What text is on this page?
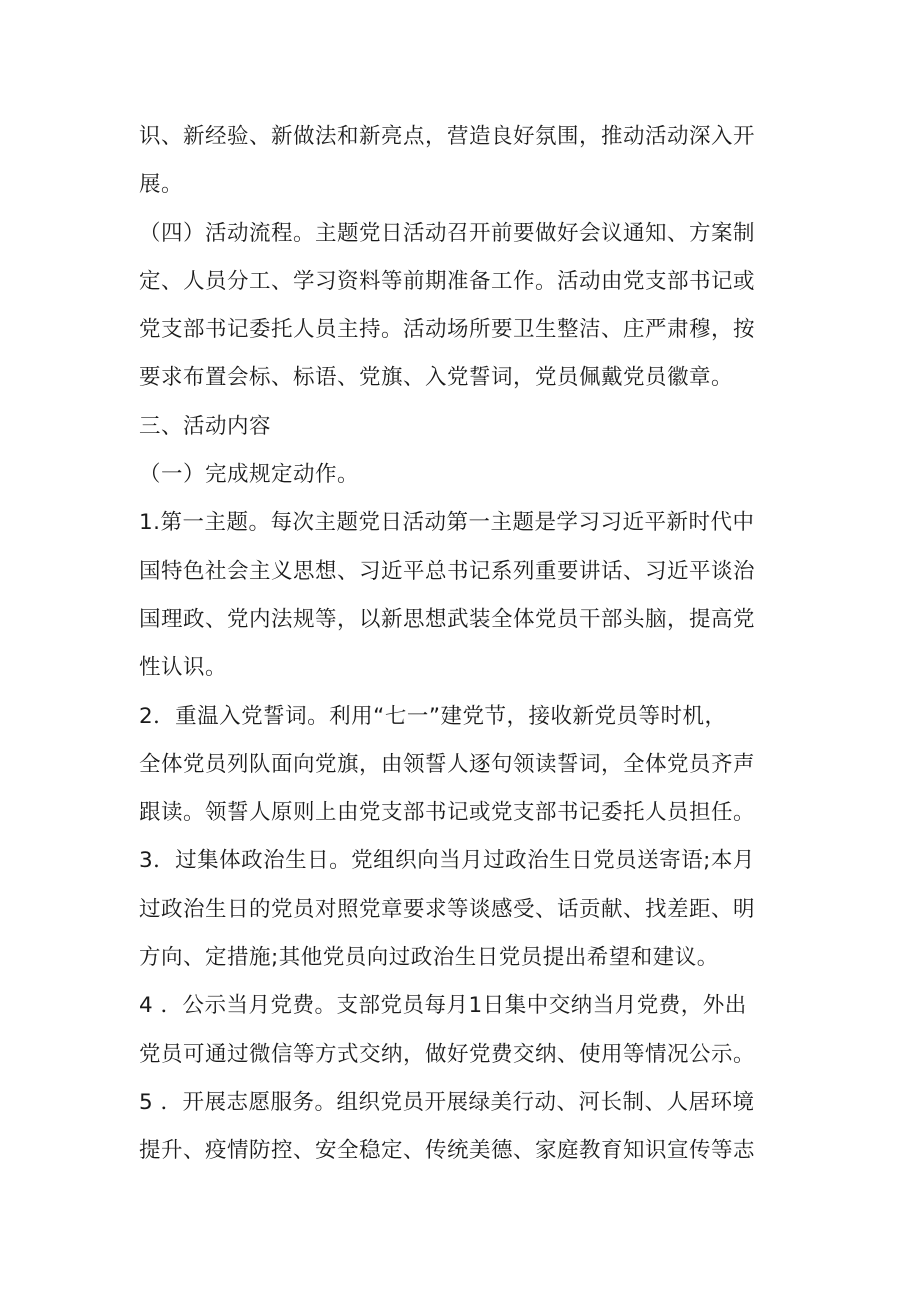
识、新经验、新做法和新亮点，营造良好氛围，推动活动深入开
展。
（四）活动流程。主题党日活动召开前要做好会议通知、方案制
定、人员分工、学习资料等前期准备工作。活动由党支部书记或
党支部书记委托人员主持。活动场所要卫生整洁、庄严肃穆，按
要求布置会标、标语、党旗、入党誓词，党员佩戴党员徽章。
三、活动内容
（一）完成规定动作。
1.第一主题。每次主题党日活动第一主题是学习习近平新时代中
国特色社会主义思想、习近平总书记系列重要讲话、习近平谈治
国理政、党内法规等，以新思想武装全体党员干部头脑，提高党
性认识。
2．重温入党誓词。利用“七一”建党节，接收新党员等时机，
全体党员列队面向党旗，由领誓人逐句领读誓词，全体党员齐声
跟读。领誓人原则上由党支部书记或党支部书记委托人员担任。
3．过集体政治生日。党组织向当月过政治生日党员送寄语;本月
过政治生日的党员对照党章要求等谈感受、话贡献、找差距、明
方向、定措施;其他党员向过政治生日党员提出希望和建议。
4 ．公示当月党费。支部党员每月1日集中交纳当月党费，外出
党员可通过微信等方式交纳，做好党费交纳、使用等情况公示。
5 ．开展志愿服务。组织党员开展绿美行动、河长制、人居环境
提升、疫情防控、安全稳定、传统美德、家庭教育知识宣传等志
